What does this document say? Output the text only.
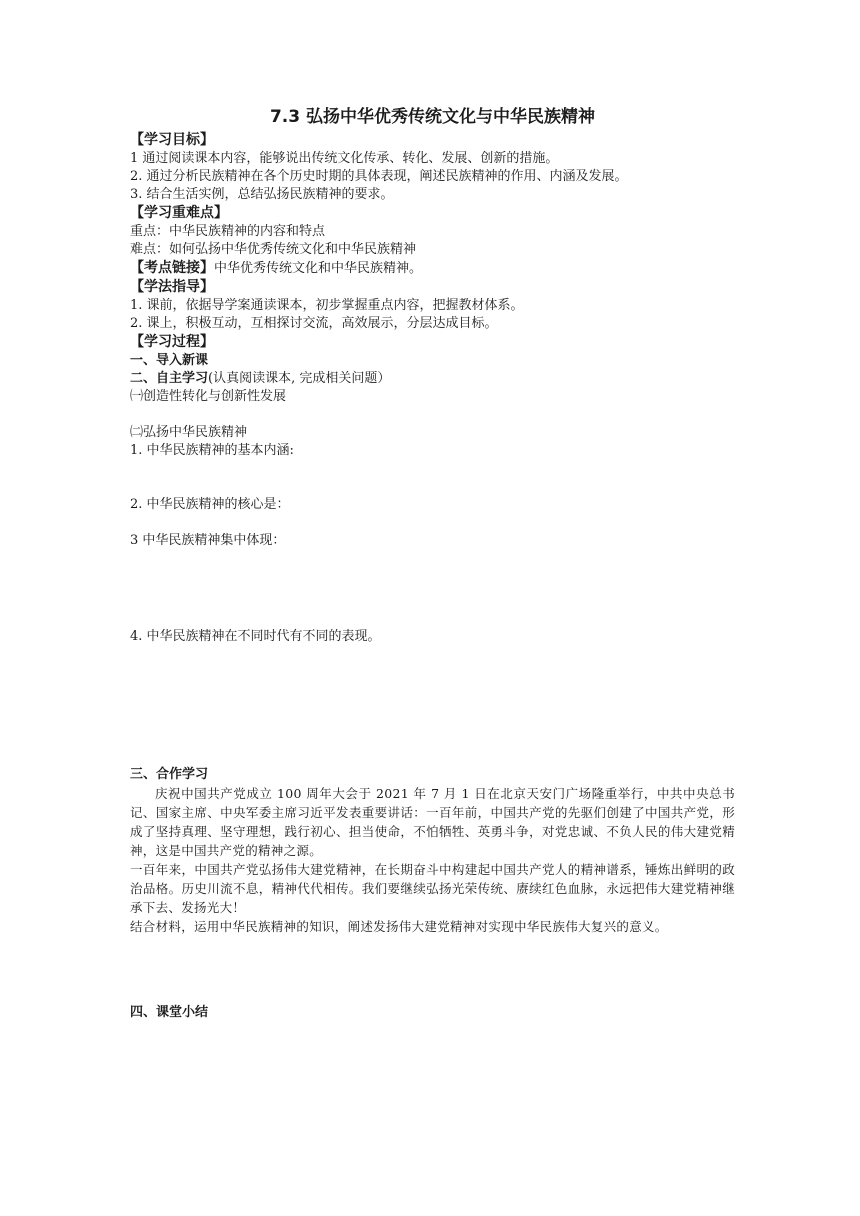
7.3 弘扬中华优秀传统文化与中华民族精神
【学习目标】
1 通过阅读课本内容，能够说出传统文化传承、转化、发展、创新的措施。
2. 通过分析民族精神在各个历史时期的具体表现，阐述民族精神的作用、内涵及发展。
3. 结合生活实例，总结弘扬民族精神的要求。
【学习重难点】
重点：中华民族精神的内容和特点
难点：如何弘扬中华优秀传统文化和中华民族精神
【考点链接】中华优秀传统文化和中华民族精神。
【学法指导】
1. 课前，依据导学案通读课本，初步掌握重点内容，把握教材体系。
2. 课上，积极互动，互相探讨交流，高效展示，分层达成目标。
【学习过程】
一、导入新课
二、自主学习(认真阅读课本, 完成相关问题）
㈠创造性转化与创新性发展
㈡弘扬中华民族精神
1. 中华民族精神的基本内涵:
2. 中华民族精神的核心是：
3 中华民族精神集中体现：
4. 中华民族精神在不同时代有不同的表现。
三、合作学习

庆祝中国共产党成立 100 周年大会于 2021 年 7 月 1 日在北京天安门广场隆重举行，中共中央总书记、国家主席、中央军委主席习近平发表重要讲话：一百年前，中国共产党的先驱们创建了中国共产党，形成了坚持真理、坚守理想，践行初心、担当使命，不怕牺牲、英勇斗争，对党忠诚、不负人民的伟大建党精神，这是中国共产党的精神之源。

一百年来，中国共产党弘扬伟大建党精神，在长期奋斗中构建起中国共产党人的精神谱系，锤炼出鲜明的政治品格。历史川流不息，精神代代相传。我们要继续弘扬光荣传统、赓续红色血脉，永远把伟大建党精神继承下去、发扬光大！

结合材料，运用中华民族精神的知识，阐述发扬伟大建党精神对实现中华民族伟大复兴的意义。

四、课堂小结
